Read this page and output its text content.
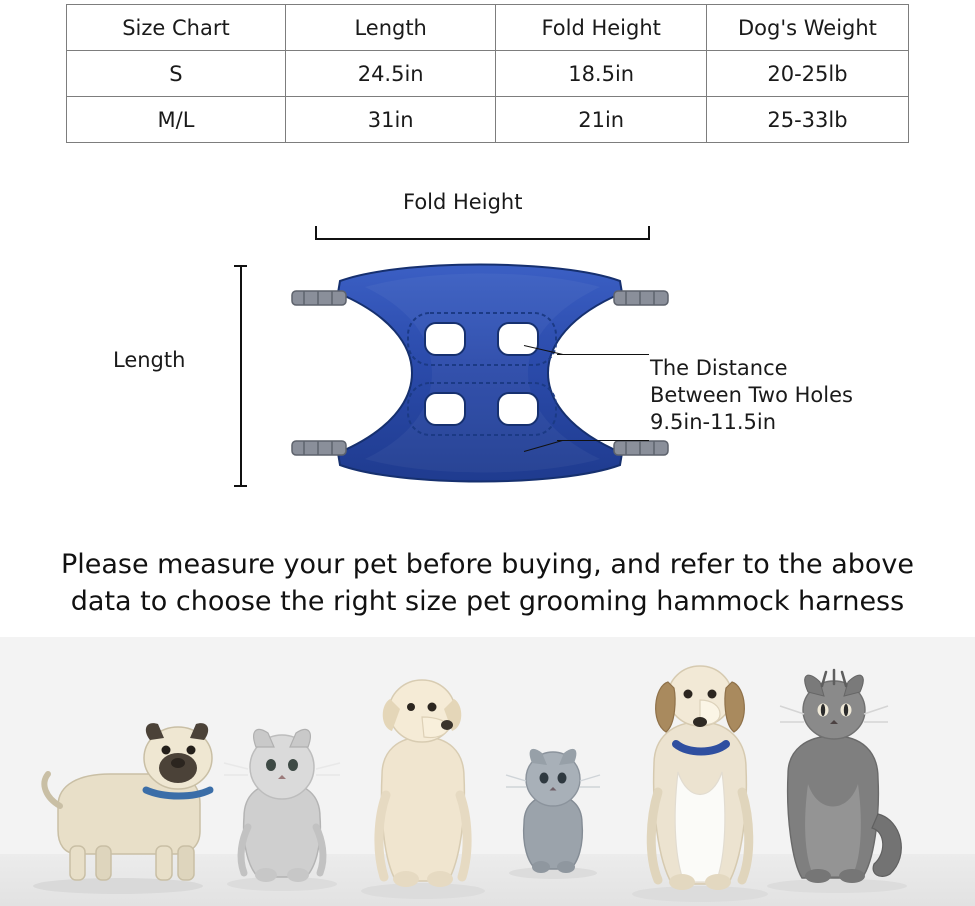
Size Chart	Length	Fold Height	Dog's Weight
S	24.5in	18.5in	20-25lb
M/L	31in	21in	25-33lb
Fold Height
Length	The Distance
Between Two Holes
9.5in-11.5in
Please measure your pet before buying, and refer to the above
data to choose the right size pet grooming hammock harness
